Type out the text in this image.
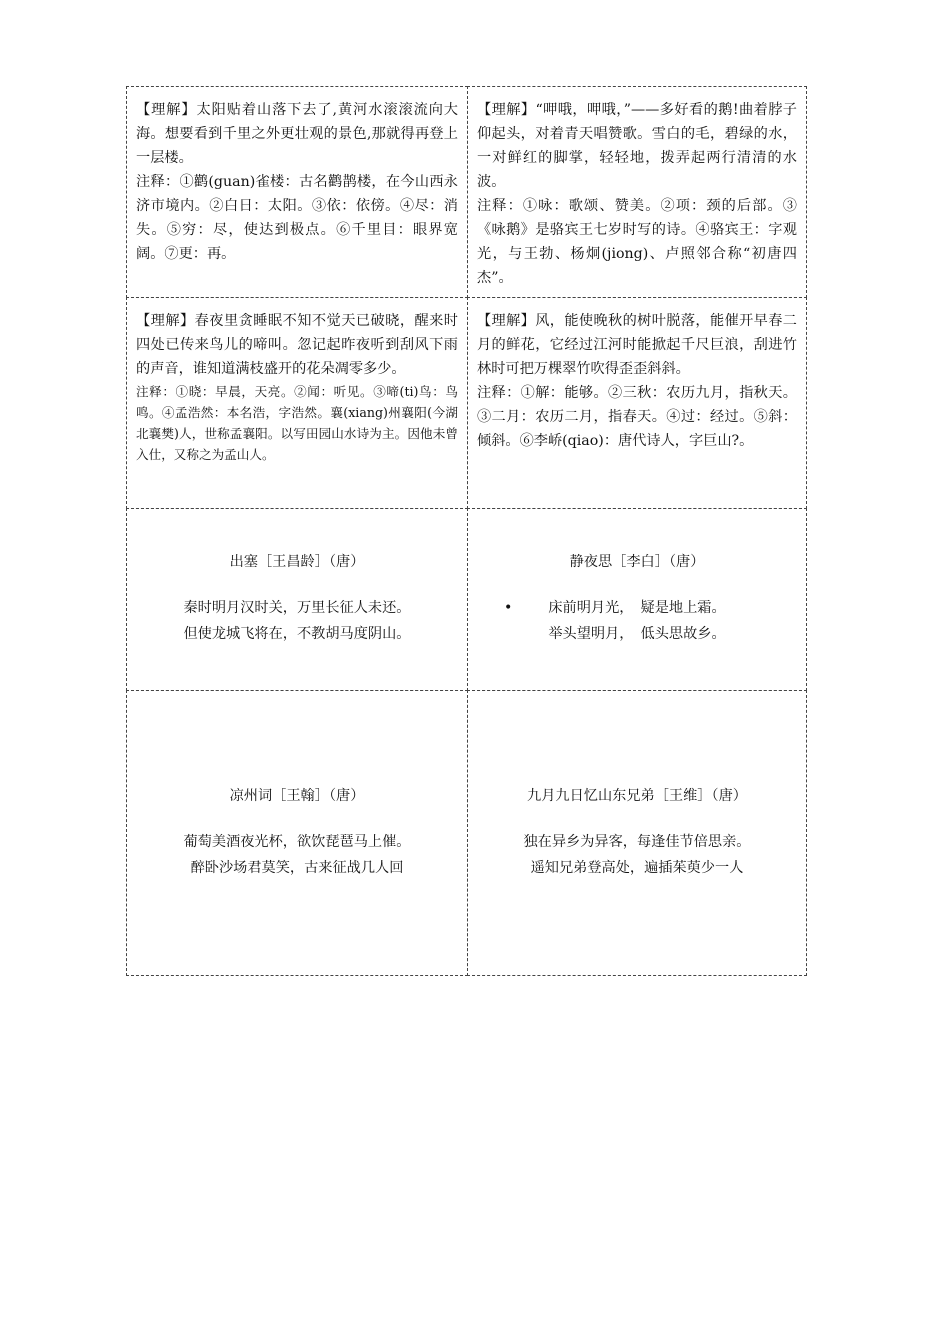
【理解】太阳贴着山落下去了,黄河水滚滚流向大海。想要看到千里之外更壮观的景色,那就得再登上一层楼。

注释：①鹳(guan)雀楼：古名鹳鹊楼，在今山西永济市境内。②白日：太阳。③依：依傍。④尽：消失。⑤穷：尽，使达到极点。⑥千里目：眼界宽阔。⑦更：再。

【理解】“呷哦，呷哦，”——多好看的鹅!曲着脖子仰起头，对着青天唱赞歌。雪白的毛，碧绿的水，一对鲜红的脚掌，轻轻地，拨弄起两行清清的水波。

注释：①咏：歌颂、赞美。②项：颈的后部。③《咏鹅》是骆宾王七岁时写的诗。④骆宾王：字观光，与王勃、杨炯(jiong)、卢照邻合称“初唐四杰”。

【理解】春夜里贪睡眠不知不觉天已破晓，醒来时四处已传来鸟儿的啼叫。忽记起昨夜听到刮风下雨的声音，谁知道满枝盛开的花朵凋零多少。

注释：①晓：早晨，天亮。②闻：听见。③啼(ti)鸟：鸟鸣。④孟浩然：本名浩，字浩然。襄(xiang)州襄阳(今湖北襄樊)人，世称孟襄阳。以写田园山水诗为主。因他未曾入仕，又称之为孟山人。

【理解】风，能使晚秋的树叶脱落，能催开早春二月的鲜花，它经过江河时能掀起千尺巨浪，刮进竹林时可把万棵翠竹吹得歪歪斜斜。

注释：①解：能够。②三秋：农历九月，指秋天。③二月：农历二月，指春天。④过：经过。⑤斜：倾斜。⑥李峤(qiao)：唐代诗人，字巨山?。

出塞［王昌龄］（唐）

秦时明月汉时关，万里长征人未还。

但使龙城飞将在，不教胡马度阴山。

静夜思［李白］（唐）

•	床前明月光，　疑是地上霜。

举头望明月，　低头思故乡。

凉州词［王翰］（唐）

葡萄美酒夜光杯，欲饮琵琶马上催。

醉卧沙场君莫笑，古来征战几人回

九月九日忆山东兄弟［王维］（唐）

独在异乡为异客，每逢佳节倍思亲。

遥知兄弟登高处，遍插茱萸少一人
